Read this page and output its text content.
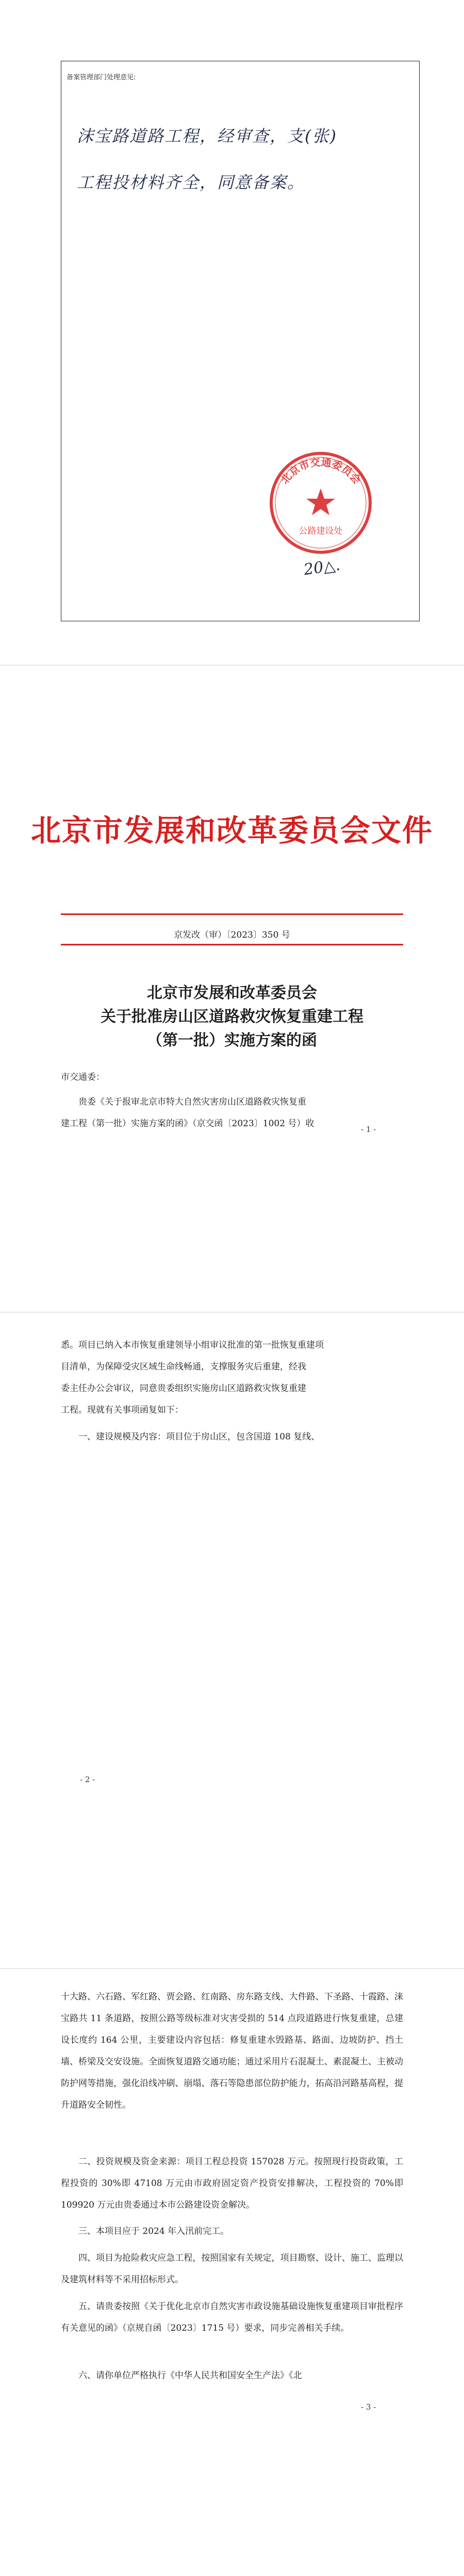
备案管理部门处理意见:
沫宝路道路工程，经审查，支(张)
工程投材料齐全，同意备案。
20△.
北京市交通委员会
公路建设处
北京市发展和改革委员会文件
京发改（审）〔2023〕350 号
北京市发展和改革委员会
关于批准房山区道路救灾恢复重建工程
（第一批）实施方案的函
市交通委：
贵委《关于报审北京市特大自然灾害房山区道路救灾恢复重
建工程（第一批）实施方案的函》（京交函〔2023〕1002 号）收
- 1 -
悉。项目已纳入本市恢复重建领导小组审议批准的第一批恢复重建项
目清单，为保障受灾区域生命线畅通，支撑服务灾后重建，经我
委主任办公会审议，同意贵委组织实施房山区道路救灾恢复重建
工程。现就有关事项函复如下：
一、建设规模及内容：项目位于房山区，包含国道 108 复线、
- 2 -
十大路、六石路、军红路、贾会路、红南路、房东路支线、大件路、下圣路、十霞路、涞宝路共 11 条道路，按照公路等级标准对灾害受损的 514 点段道路进行恢复重建，总建设长度约 164 公里，主要建设内容包括：修复重建水毁路基、路面、边坡防护、挡土墙、桥梁及交安设施。全面恢复道路交通功能；通过采用片石混凝土、素混凝土、主被动防护网等措施，强化沿线冲刷、崩塌、落石等隐患部位防护能力，拓高沿河路基高程，提升道路安全韧性。
二、投资规模及资金来源：项目工程总投资 157028 万元。按照现行投资政策，工程投资的 30%即 47108 万元由市政府固定资产投资安排解决，工程投资的 70%即 109920 万元由贵委通过本市公路建设资金解决。
三、本项目应于 2024 年入汛前完工。
四、项目为抢险救灾应急工程，按照国家有关规定，项目勘察、设计、施工、监理以及建筑材料等不采用招标形式。
五、请贵委按照《关于优化北京市自然灾害市政设施基础设施恢复重建项目审批程序有关意见的函》（京规自函〔2023〕1715 号）要求，同步完善相关手续。
六、请你单位严格执行《中华人民共和国安全生产法》《北
- 3 -
